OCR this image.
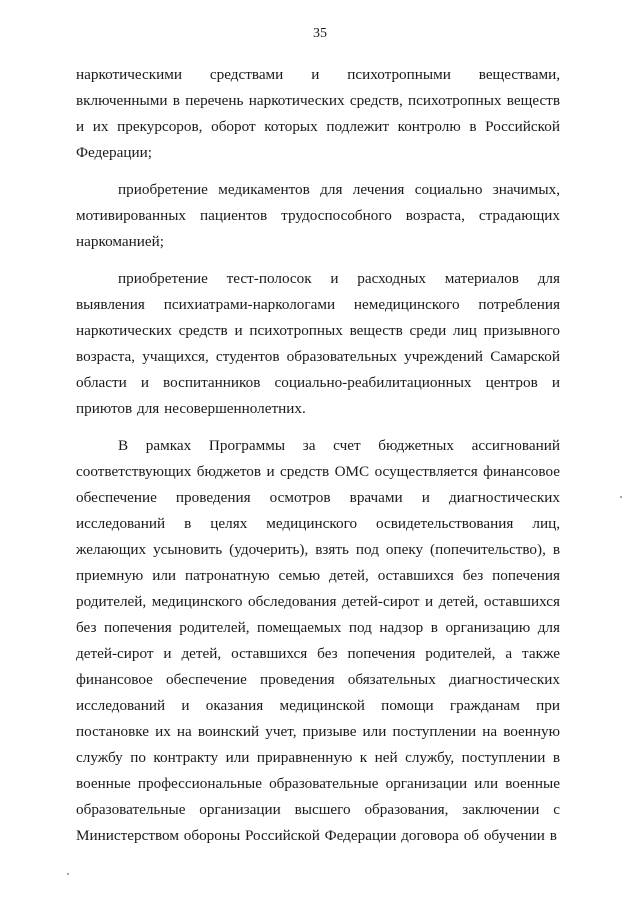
35

наркотическими средствами и психотропными веществами, включенными в перечень наркотических средств, психотропных веществ и их прекурсоров, оборот которых подлежит контролю в Российской Федерации;

приобретение медикаментов для лечения социально значимых, мотивированных пациентов трудоспособного возраста, страдающих наркоманией;

приобретение тест-полосок и расходных материалов для выявления психиатрами-наркологами немедицинского потребления наркотических средств и психотропных веществ среди лиц призывного возраста, учащихся, студентов образовательных учреждений Самарской области и воспитанников социально-реабилитационных центров и приютов для несовершеннолетних.

В рамках Программы за счет бюджетных ассигнований соответствующих бюджетов и средств ОМС осуществляется финансовое обеспечение проведения осмотров врачами и диагностических исследований в целях медицинского освидетельствования лиц, желающих усыновить (удочерить), взять под опеку (попечительство), в приемную или патронатную семью детей, оставшихся без попечения родителей, медицинского обследования детей-сирот и детей, оставшихся без попечения родителей, помещаемых под надзор в организацию для детей-сирот и детей, оставшихся без попечения родителей, а также финансовое обеспечение проведения обязательных диагностических исследований и оказания медицинской помощи гражданам при постановке их на воинский учет, призыве или поступлении на военную службу по контракту или приравненную к ней службу, поступлении в военные профессиональные образовательные организации или военные образовательные организации высшего образования, заключении с Министерством обороны Российской Федерации договора об обучении в
